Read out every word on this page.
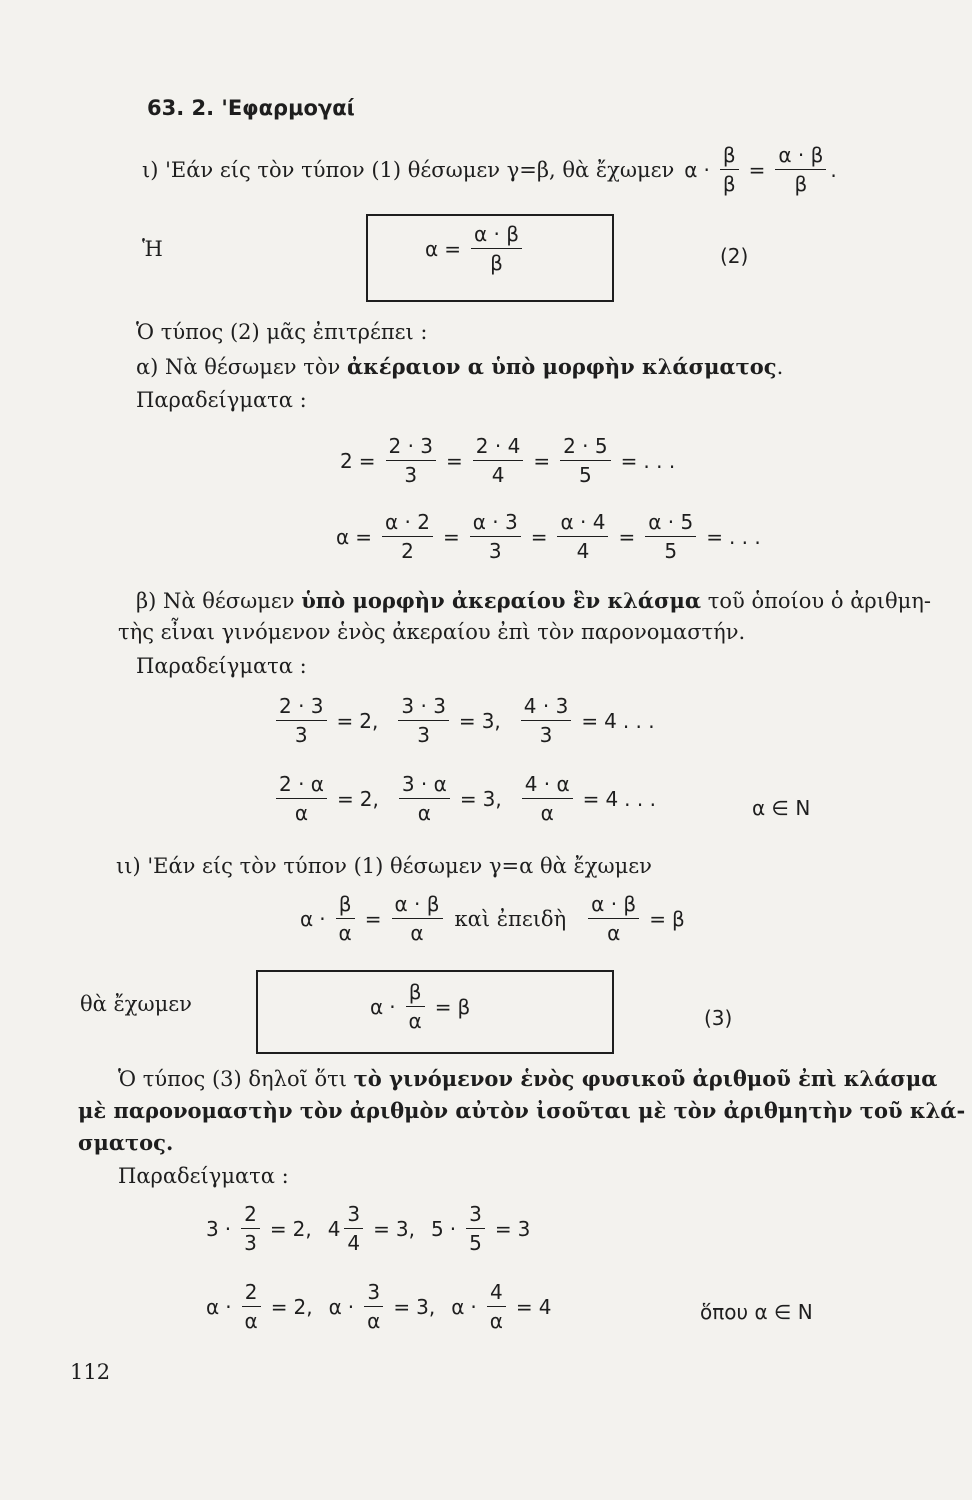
63. 2. 'Εφαρμογαί
ι) 'Εάν είς τὸν τύπον (1) θέσωμεν γ=β, θὰ ἔχωμεν $\alpha \cdot \frac{\beta}{\beta} = \frac{\alpha \cdot \beta}{\beta}$ .
Ἡ	$\alpha = \frac{\alpha \cdot \beta}{\beta}$	(2)
Ὁ τύπος (2) μᾶς ἐπιτρέπει :
α) Νὰ θέσωμεν τὸν ἀκέραιον α ὑπὸ μορφὴν κλάσματος.
Παραδείγματα :
$2 = \frac{2 \cdot 3}{3} = \frac{2 \cdot 4}{4} = \frac{2 \cdot 5}{5}$ = . . .
$\alpha = \frac{\alpha \cdot 2}{2} = \frac{\alpha \cdot 3}{3} = \frac{\alpha \cdot 4}{4} = \frac{\alpha \cdot 5}{5}$ = . . .
β) Νὰ θέσωμεν ὑπὸ μορφὴν ἀκεραίου ἓν κλάσμα τοῦ ὁποίου ὁ ἀριθμη-
τὴς εἶναι γινόμενον ἑνὸς ἀκεραίου ἐπὶ τὸν παρονομαστήν.
Παραδείγματα :
$\frac{2 \cdot 3}{3} = 2$ , $\frac{3 \cdot 3}{3} = 3$ , $\frac{4 \cdot 3}{3} = 4$ . . .
$\frac{2 \cdot \alpha}{\alpha} = 2$ , $\frac{3 \cdot \alpha}{\alpha} = 3$ , $\frac{4 \cdot \alpha}{\alpha} = 4$ . . .	α ∈ N
ιι) 'Εάν είς τὸν τύπον (1) θέσωμεν γ=α θὰ ἔχωμεν
$\alpha \cdot \frac{\beta}{\alpha} = \frac{\alpha \cdot \beta}{\alpha}$ καὶ ἐπειδὴ $\frac{\alpha \cdot \beta}{\alpha} = \beta$
θὰ ἔχωμεν	$\alpha \cdot \frac{\beta}{\alpha} = \beta$	(3)
Ὁ τύπος (3) δηλοῖ ὅτι τὸ γινόμενον ἑνὸς φυσικοῦ ἀριθμοῦ ἐπὶ κλάσμα
μὲ παρονομαστὴν τὸν ἀριθμὸν αὐτὸν ἰσοῦται μὲ τὸν ἀριθμητὴν τοῦ κλά-
σματος.
Παραδείγματα :
$3 \cdot \frac{2}{3} = 2$ , $4 \frac{3}{4} = 3$ , $5 \cdot \frac{3}{5} = 3$
$\alpha \cdot \frac{2}{\alpha} = 2$ , $\alpha \cdot \frac{3}{\alpha} = 3$ , $\alpha \cdot \frac{4}{\alpha} = 4$	ὅπου α ∈ N
112
